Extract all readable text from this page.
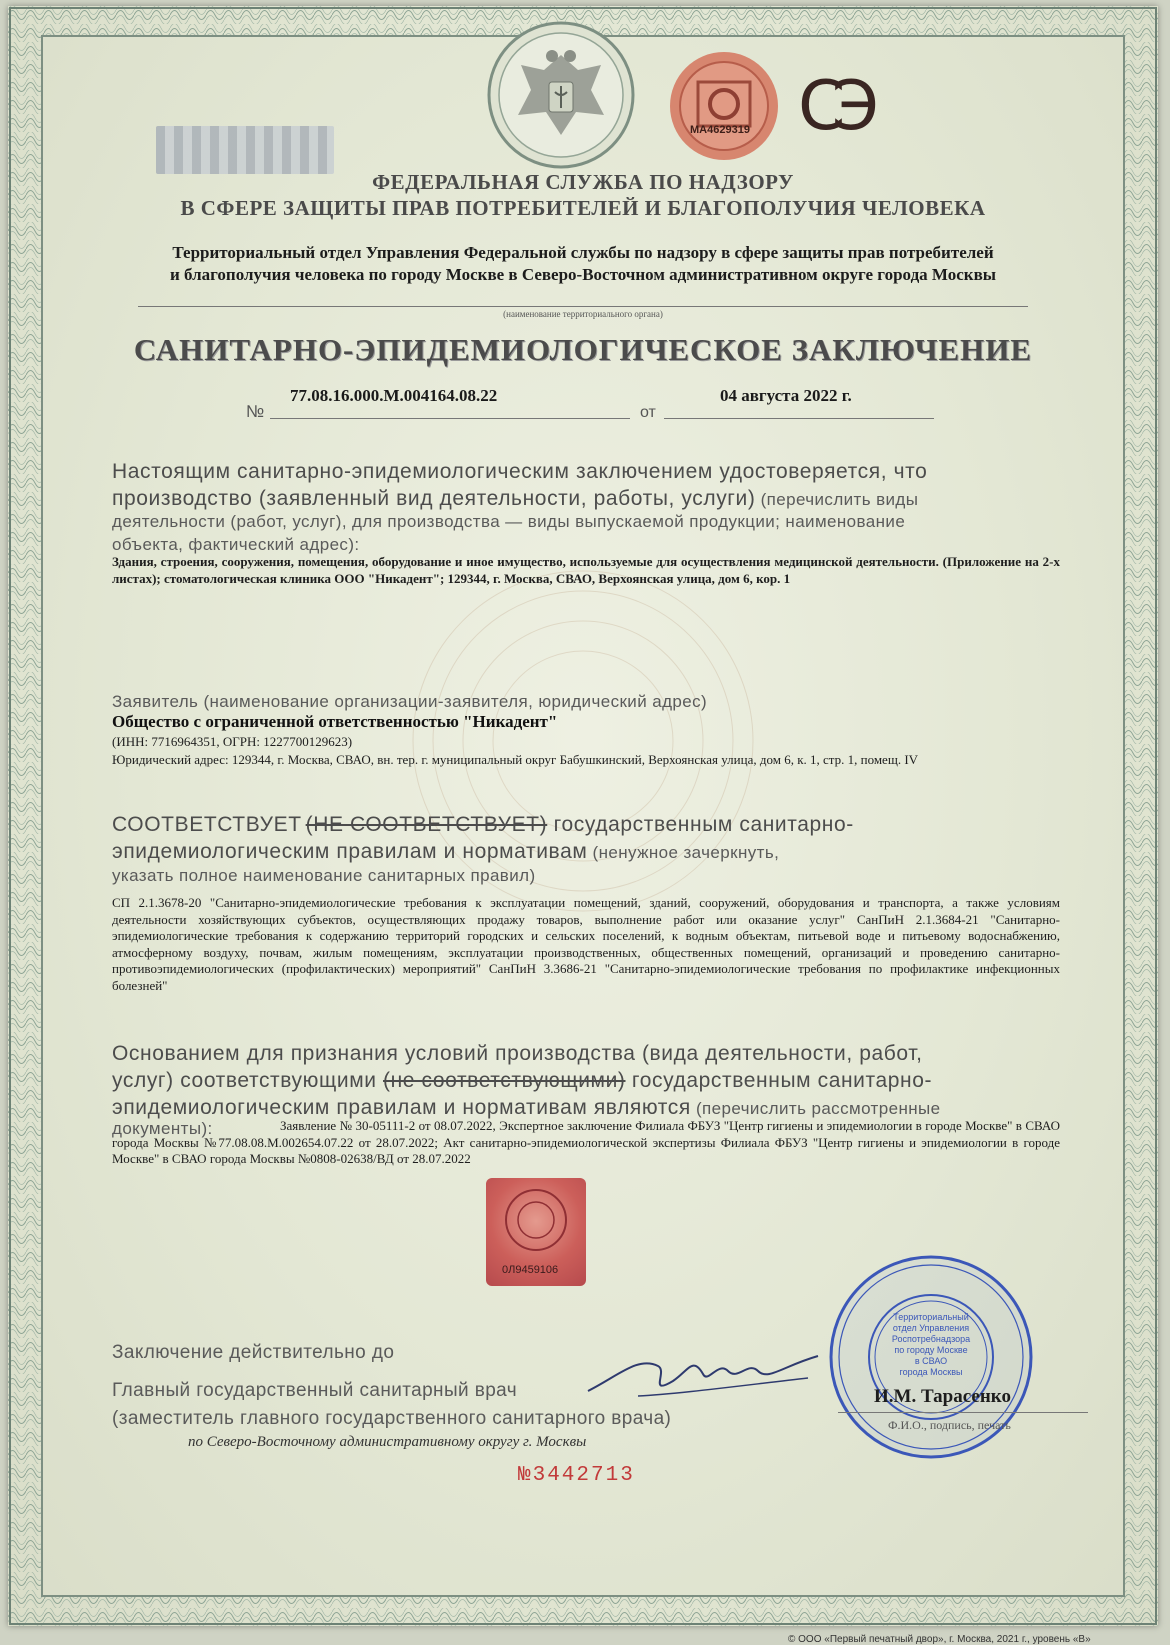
МА4629319 СЭ
ФЕДЕРАЛЬНАЯ СЛУЖБА ПО НАДЗОРУ
В СФЕРЕ ЗАЩИТЫ ПРАВ ПОТРЕБИТЕЛЕЙ И БЛАГОПОЛУЧИЯ ЧЕЛОВЕКА
Территориальный отдел Управления Федеральной службы по надзору в сфере защиты прав потребителей
и благополучия человека по городу Москве в Северо-Восточном административном округе города Москвы
(наименование территориального органа)
САНИТАРНО-ЭПИДЕМИОЛОГИЧЕСКОЕ ЗАКЛЮЧЕНИЕ
№
77.08.16.000.М.004164.08.22
от
04 августа 2022 г.
Настоящим санитарно-эпидемиологическим заключением удостоверяется, что
производство (заявленный вид деятельности, работы, услуги) (перечислить виды
деятельности (работ, услуг), для производства — виды выпускаемой продукции; наименование
объекта, фактический адрес):
Здания, строения, сооружения, помещения, оборудование и иное имущество, используемые для осуществления медицинской деятельности. (Приложение на 2-х листах); стоматологическая клиника ООО "Никадент"; 129344, г. Москва, СВАО, Верхоянская улица, дом 6, кор. 1
Заявитель (наименование организации-заявителя, юридический адрес)
Общество с ограниченной ответственностью "Никадент"
(ИНН: 7716964351, ОГРН: 1227700129623)
Юридический адрес: 129344, г. Москва, СВАО, вн. тер. г. муниципальный округ Бабушкинский, Верхоянская улица, дом 6, к. 1, стр. 1, помещ. IV
СООТВЕТСТВУЕТ (НЕ СООТВЕТСТВУЕТ) государственным санитарно-
эпидемиологическим правилам и нормативам (ненужное зачеркнуть,
указать полное наименование санитарных правил)
СП 2.1.3678-20 "Санитарно-эпидемиологические требования к эксплуатации помещений, зданий, сооружений, оборудования и транспорта, а также условиям деятельности хозяйствующих субъектов, осуществляющих продажу товаров, выполнение работ или оказание услуг" СанПиН 2.1.3684-21 "Санитарно-эпидемиологические требования к содержанию территорий городских и сельских поселений, к водным объектам, питьевой воде и питьевому водоснабжению, атмосферному воздуху, почвам, жилым помещениям, эксплуатации производственных, общественных помещений, организаций и проведению санитарно-противоэпидемиологических (профилактических) мероприятий" СанПиН 3.3686-21 "Санитарно-эпидемиологические требования по профилактике инфекционных болезней"
Основанием для признания условий производства (вида деятельности, работ,
услуг) соответствующими (не соответствующими) государственным санитарно-
эпидемиологическим правилам и нормативам являются (перечислить рассмотренные
документы):	Заявление № 30-05111-2 от 08.07.2022, Экспертное заключение Филиала ФБУЗ "Центр гигиены и эпидемиологии в городе Москве" в СВАО города Москвы №77.08.08.М.002654.07.22 от 28.07.2022; Акт санитарно-эпидемиологической экспертизы Филиала ФБУЗ "Центр гигиены и эпидемиологии в городе Москве" в СВАО города Москвы №0808-02638/ВД от 28.07.2022
0Л9459106
Заключение действительно до
Главный государственный санитарный врач
(заместитель главного государственного санитарного врача)
по Северо-Восточному административному округу г. Москвы
Территориальный
отдел Управления
Роспотребнадзора
по городу Москве
в СВАО
города Москвы
И.М. Тарасенко
Ф.И.О., подпись, печать
№3442713
© ООО «Первый печатный двор», г. Москва, 2021 г., уровень «В»
